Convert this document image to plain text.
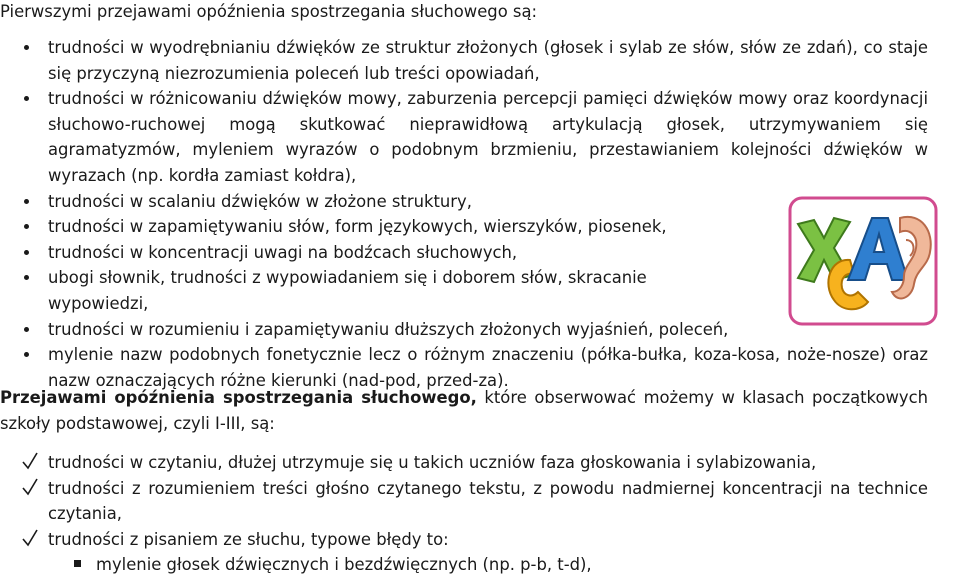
Pierwszymi przejawami opóźnienia spostrzegania słuchowego są:

trudności w wyodrębnianiu dźwięków ze struktur złożonych (głosek i sylab ze słów, słów ze zdań), co staje się przyczyną niezrozumienia poleceń lub treści opowiadań,
trudności w różnicowaniu dźwięków mowy, zaburzenia percepcji pamięci dźwięków mowy oraz koordynacji słuchowo-ruchowej mogą skutkować nieprawidłową artykulacją głosek, utrzymywaniem się agramatyzmów, myleniem wyrazów o podobnym brzmieniu, przestawianiem kolejności dźwięków w wyrazach (np. kordła zamiast kołdra),
trudności w scalaniu dźwięków w złożone struktury,
trudności w zapamiętywaniu słów, form językowych, wierszyków, piosenek,
trudności w koncentracji uwagi na bodźcach słuchowych,
ubogi słownik, trudności z wypowiadaniem się i doborem słów, skracanie wypowiedzi,
trudności w rozumieniu i zapamiętywaniu dłuższych złożonych wyjaśnień, poleceń,
mylenie nazw podobnych fonetycznie lecz o różnym znaczeniu (półka-bułka, koza-kosa, noże-nosze) oraz nazw oznaczających różne kierunki (nad-pod, przed-za).

Przejawami opóźnienia spostrzegania słuchowego, które obserwować możemy w klasach początkowych szkoły podstawowej, czyli I-III, są:

trudności w czytaniu, dłużej utrzymuje się u takich uczniów faza głoskowania i sylabizowania,
trudności z rozumieniem treści głośno czytanego tekstu, z powodu nadmiernej koncentracji na technice czytania,
trudności z pisaniem ze słuchu, typowe błędy to:
mylenie głosek dźwięcznych i bezdźwięcznych (np. p-b, t-d),
